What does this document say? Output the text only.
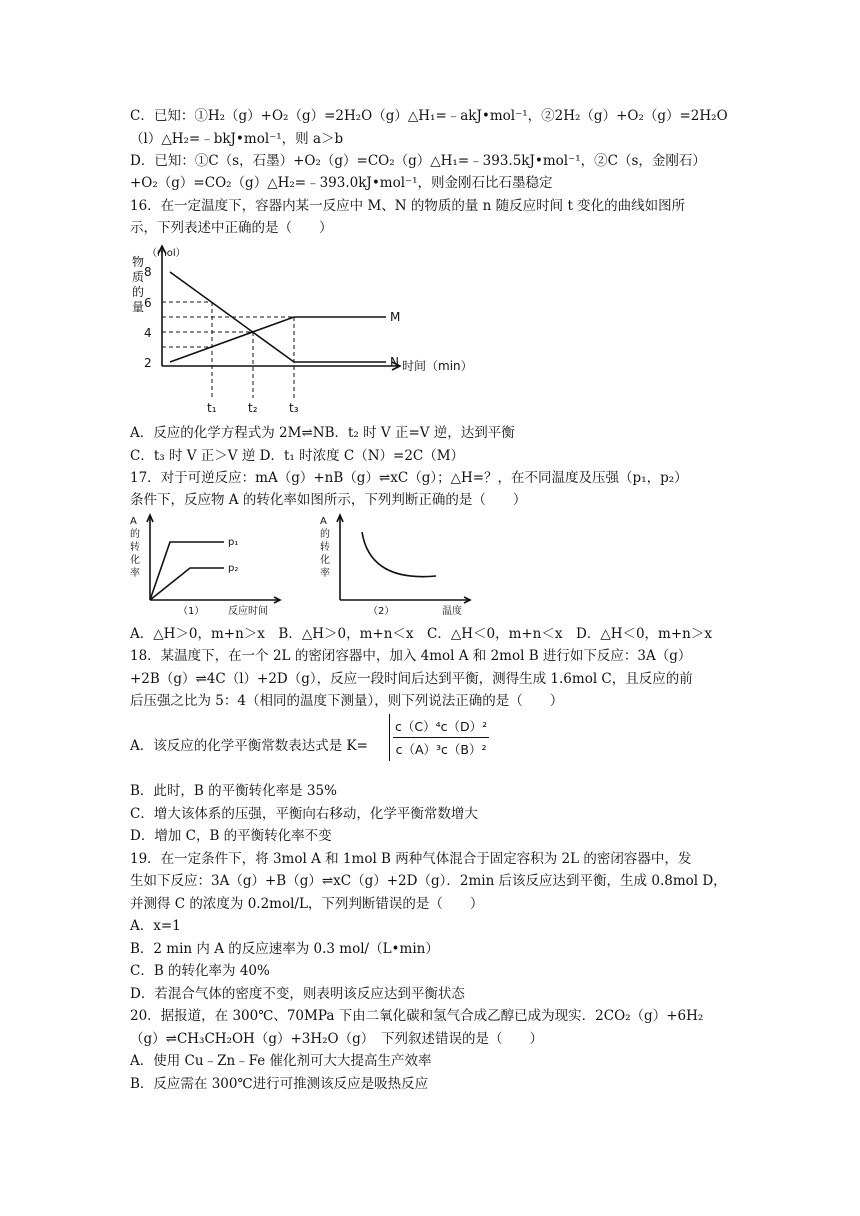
C．已知：①H₂（g）+O₂（g）=2H₂O（g）△H₁=﹣akJ•mol⁻¹，②2H₂（g）+O₂（g）=2H₂O
（l）△H₂=﹣bkJ•mol⁻¹，则 a＞b
D．已知：①C（s，石墨）+O₂（g）=CO₂（g）△H₁=﹣393.5kJ•mol⁻¹，②C（s，金刚石）
+O₂（g）=CO₂（g）△H₂=﹣393.0kJ•mol⁻¹，则金刚石比石墨稳定
16．在一定温度下，容器内某一反应中 M、N 的物质的量 n 随反应时间 t 变化的曲线如图所
示，下列表述中正确的是（　　）
物
质
的
量
（mol）
8
6
4
2
M
N
t₁	t₂	t₃
时间（min）
A．反应的化学方程式为 2M⇌NB．t₂ 时 V 正=V 逆，达到平衡
C．t₃ 时 V 正＞V 逆 D．t₁ 时浓度 C（N）=2C（M）
17．对于可逆反应：mA（g）+nB（g）⇌xC（g）；△H=？，在不同温度及压强（p₁，p₂）
条件下，反应物 A 的转化率如图所示，下列判断正确的是（　　）
A
的
转
化
率
p₁
p₂
（1） 反应时间
A
的
转
化
率
（2）	温度
A．△H＞0，m+n＞x　B．△H＞0，m+n＜x　C．△H＜0，m+n＜x　D．△H＜0，m+n＞x
18．某温度下，在一个 2L 的密闭容器中，加入 4mol A 和 2mol B 进行如下反应：3A（g）
+2B（g）⇌4C（l）+2D（g），反应一段时间后达到平衡，测得生成 1.6mol C，且反应的前
后压强之比为 5：4（相同的温度下测量），则下列说法正确的是（　　）
A．该反应的化学平衡常数表达式是 K=
c（C）⁴c（D）²
c（A）³c（B）²
B．此时，B 的平衡转化率是 35%
C．增大该体系的压强，平衡向右移动，化学平衡常数增大
D．增加 C，B 的平衡转化率不变
19．在一定条件下，将 3mol A 和 1mol B 两种气体混合于固定容积为 2L 的密闭容器中，发
生如下反应：3A（g）+B（g）⇌xC（g）+2D（g）．2min 后该反应达到平衡，生成 0.8mol D，
并测得 C 的浓度为 0.2mol/L，下列判断错误的是（　　）
A．x=1
B．2 min 内 A 的反应速率为 0.3 mol/（L•min）
C．B 的转化率为 40%
D．若混合气体的密度不变，则表明该反应达到平衡状态
20．据报道，在 300℃、70MPa 下由二氧化碳和氢气合成乙醇已成为现实．2CO₂（g）+6H₂
（g）⇌CH₃CH₂OH（g）+3H₂O（g）　下列叙述错误的是（　　）
A．使用 Cu﹣Zn﹣Fe 催化剂可大大提高生产效率
B．反应需在 300℃进行可推测该反应是吸热反应
